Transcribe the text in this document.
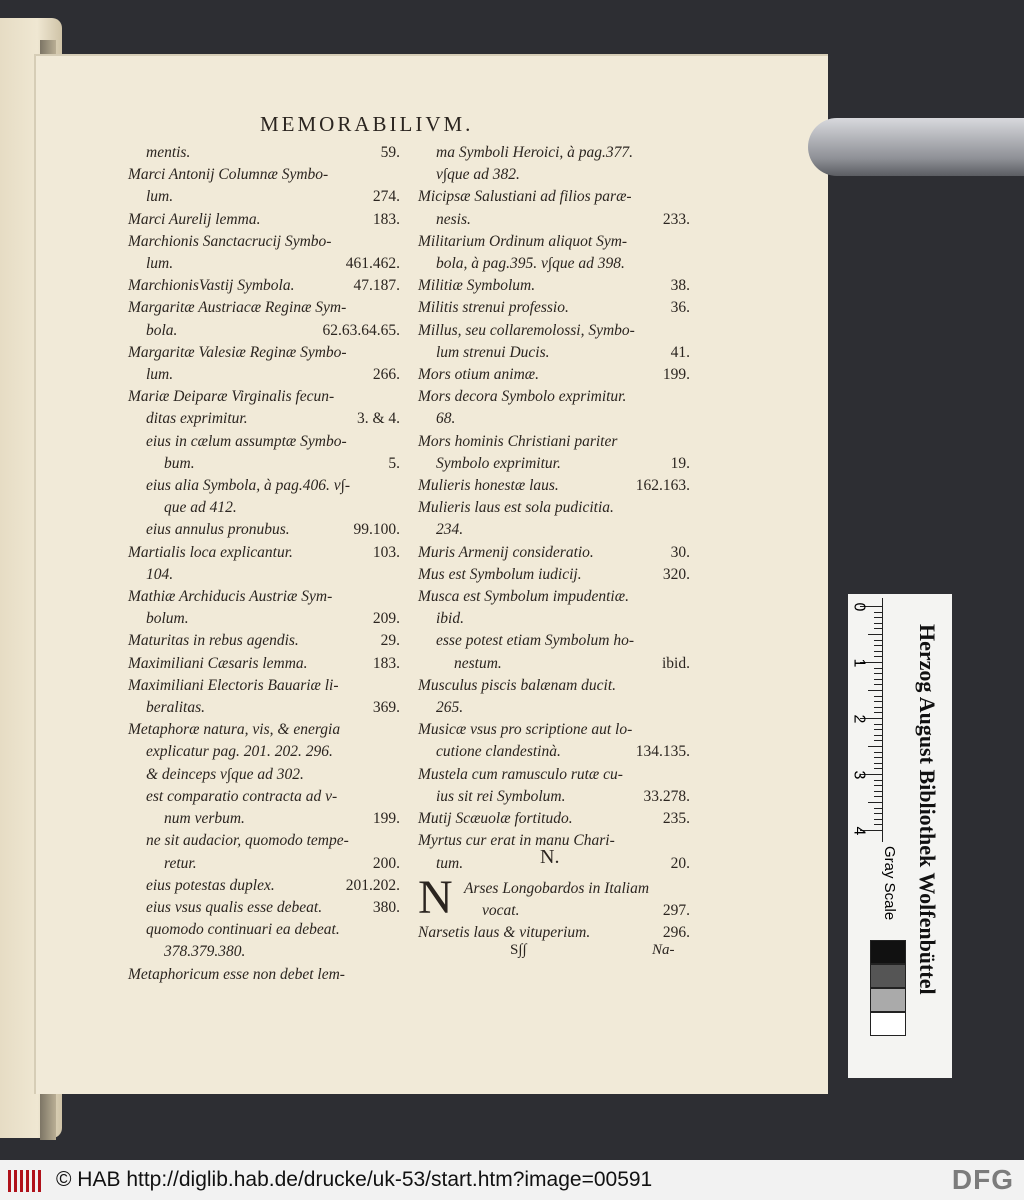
MEMORABILIVM.
mentis.	59.
Marci Antonij Columnæ Symbo-
lum.	274.
Marci Aurelij lemma.	183.
Marchionis Sanctacrucij Symbo-
lum.	461.462.
MarchionisVastij Symbola.	47.187.
Margaritæ Austriacæ Reginæ Sym-
bola.	62.63.64.65.
Margaritæ Valesiæ Reginæ Symbo-
lum.	266.
Mariæ Deiparæ Virginalis fecun-
ditas exprimitur.	3. & 4.
eius in cælum assumptæ Symbo-
bum.	5.
eius alia Symbola, à pag.406. v∫-
que ad 412.
eius annulus pronubus.	99.100.
Martialis loca explicantur.	103.
104.
Mathiæ Archiducis Austriæ Sym-
bolum.	209.
Maturitas in rebus agendis.	29.
Maximiliani Cæsaris lemma.	183.
Maximiliani Electoris Bauariæ li-
beralitas.	369.
Metaphoræ natura, vis, & energia
explicatur pag. 201. 202. 296.
& deinceps v∫que ad 302.
est comparatio contracta ad v-
num verbum.	199.
ne sit audacior, quomodo tempe-
retur.	200.
eius potestas duplex.	201.202.
eius vsus qualis esse debeat.	380.
quomodo continuari ea debeat.
378.379.380.
Metaphoricum esse non debet lem-
ma Symboli Heroici, à pag.377.
v∫que ad 382.
Micipsæ Salustiani ad filios paræ-
nesis.	233.
Militarium Ordinum aliquot Sym-
bola, à pag.395. v∫que ad 398.
Militiæ Symbolum.	38.
Militis strenui professio.	36.
Millus, seu collaremolossi, Symbo-
lum strenui Ducis.	41.
Mors otium animæ.	199.
Mors decora Symbolo exprimitur.
68.
Mors hominis Christiani pariter
Symbolo exprimitur.	19.
Mulieris honestæ laus.	162.163.
Mulieris laus est sola pudicitia.
234.
Muris Armenij consideratio.	30.
Mus est Symbolum iudicij.	320.
Musca est Symbolum impudentiæ.
ibid.
esse potest etiam Symbolum ho-
nestum.	ibid.
Musculus piscis balænam ducit.
265.
Musicæ vsus pro scriptione aut lo-
cutione clandestinà.	134.135.
Mustela cum ramusculo rutæ cu-
ius sit rei Symbolum.	33.278.
Mutij Scæuolæ fortitudo.	235.
Myrtus cur erat in manu Chari-
tum.	20.
N.
N Arses Longobardos in Italiam
vocat.	297.
Narsetis laus & vituperium.	296.
S∫∫	Na-
0
1
2
3
4 Herzog August Bibliothek Wolfenbüttel
Gray Scale
© HAB http://diglib.hab.de/drucke/uk-53/start.htm?image=00591	DFG
